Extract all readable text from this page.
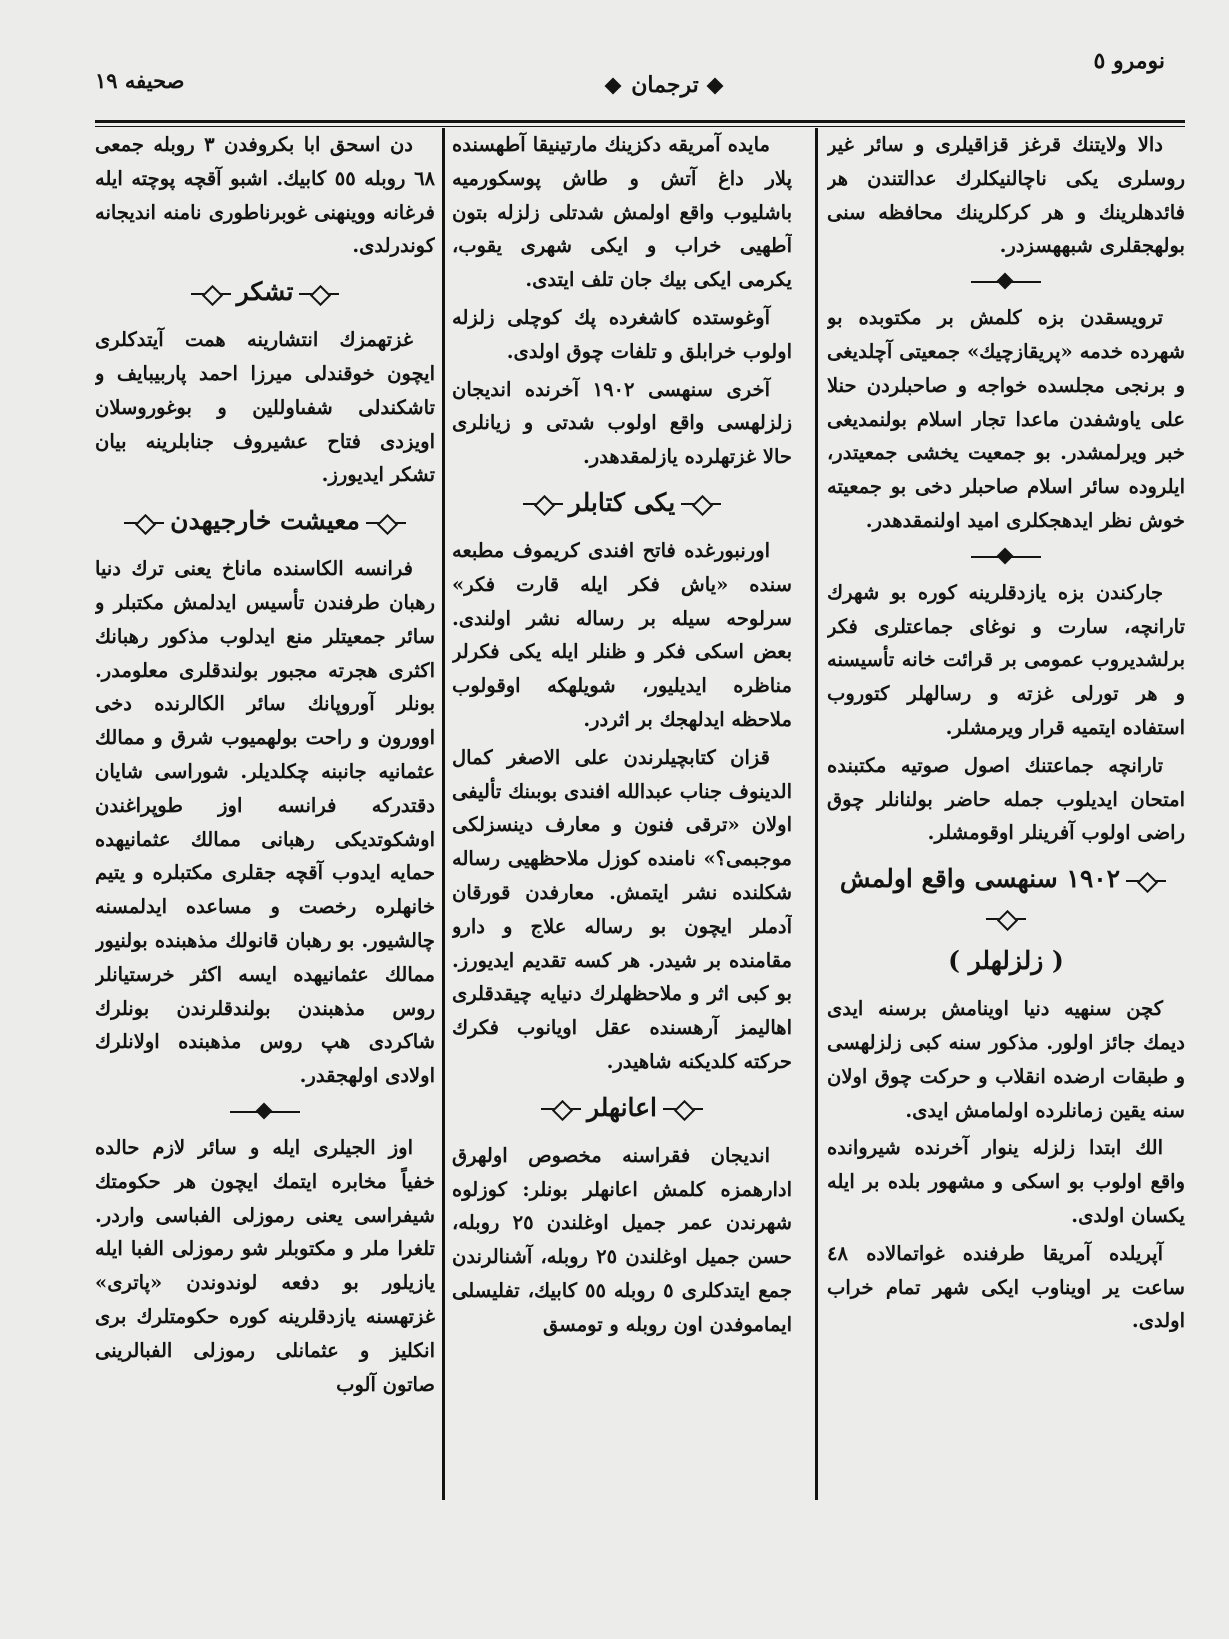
صحيفه ١٩	ترجمان
نومرو ٥

دالا ولايتنك قرغز قزاقيلرى و سائر غير روسلرى يكى ناچالنيكلرك عدالتندن هر فائدهلرينك و هر كركلرينك محافظه سنى بولهجقلرى شبههسزدر.

ترويسقدن بزه كلمش بر مكتوبده بو شهرده خدمه «پريقازچيك» جمعيتى آچلديغى و برنجى مجلسده خواجه و صاحبلردن حنلا على ياوشفدن ماعدا تجار اسلام بولنمديغى خبر ويرلمشدر. بو جمعيت يخشى جمعيتدر، ايلروده سائر اسلام صاحبلر دخى بو جمعيته خوش نظر ايدهجكلرى اميد اولنمقدهدر.

جاركندن بزه يازدقلرينه كوره بو شهرك تارانچه، سارت و نوغاى جماعتلرى فكر برلشديروب عمومى بر قرائت خانه تأسيسنه و هر تورلى غزته و رسالهلر كتوروب استفاده ايتميه قرار ويرمشلر.

تارانچه جماعتنك اصول صوتيه مكتبنده امتحان ايديلوب جمله حاضر بولنانلر چوق راضى اولوب آفرينلر اوقومشلر.

١٩٠٢ سنهسى واقع اولمش
( زلزلهلر )

كچن سنهيه دنيا اوينامش برسنه ايدى ديمك جائز اولور. مذكور سنه كبى زلزلهسى و طبقات ارضده انقلاب و حركت چوق اولان سنه يقين زمانلرده اولمامش ايدى.

الك ابتدا زلزله ينوار آخرنده شيروانده واقع اولوب بو اسكى و مشهور بلده بر ايله يكسان اولدى.

آپريلده آمريقا طرفنده غواتمالاده ٤٨ ساعت ير اويناوب ايكى شهر تمام خراب اولدى.

مايده آمريقه دكزينك مارتينيقا آطهسنده پلار داغ آتش و طاش پوسكورميه باشليوب واقع اولمش شدتلى زلزله بتون آطهيى خراب و ايكى شهرى يقوب، يكرمى ايكى بيك جان تلف ايتدى.

آوغوستده كاشغرده پك كوچلى زلزله اولوب خرابلق و تلفات چوق اولدى.

آخرى سنهسى ١٩٠٢ آخرنده انديجان زلزلهسى واقع اولوب شدتى و زيانلرى حالا غزتهلرده يازلمقدهدر.

يكى كتابلر

اورنبورغده فاتح افندى كريموف مطبعه سنده «ياش فكر ايله قارت فكر» سرلوحه سيله بر رساله نشر اولندى. بعض اسكى فكر و ظنلر ايله يكى فكرلر مناظره ايديليور، شويلهكه اوقولوب ملاحظه ايدلهجك بر اثردر.

قزان كتابچيلرندن على الاصغر كمال الدينوف جناب عبدالله افندى بوبىنك تأليفى اولان «ترقى فنون و معارف دينسزلكى موجبمى؟» نامنده كوزل ملاحظهيى رساله شكلنده نشر ايتمش. معارفدن قورقان آدملر ايچون بو رساله علاج و دارو مقامنده بر شيدر. هر كسه تقديم ايديورز. بو كبى اثر و ملاحظهلرك دنيايه چيقدقلرى اهاليمز آرهسنده عقل اويانوب فكرك حركته كلديكنه شاهيدر.

اعانهلر

انديجان فقراسنه مخصوص اولهرق ادارهمزه كلمش اعانهلر بونلر: كوزلوه شهرندن عمر جميل اوغلندن ٢٥ روبله، حسن جميل اوغلندن ٢٥ روبله، آشنالرندن جمع ايتدكلرى ٥ روبله ٥٥ كابيك، تفليسلى ايماموفدن اون روبله و تومسق

دن اسحق ابا بكروفدن ٣ روبله جمعى ٦٨ روبله ٥٥ كابيك. اشبو آقچه پوچته ايله فرغانه ووينهنى غوبرناطورى نامنه انديجانه كوندرلدى.

تشكر

غزتهمزك انتشارينه همت آيتدكلرى ايچون خوقندلى ميرزا احمد پاربيبايف و تاشكندلى شفىاوللين و بوغوروسلان اويزدى فتاح عشيروف جنابلرينه بيان تشكر ايديورز.

معيشت خارجيهدن

فرانسه الكاسنده ماناخ يعنى ترك دنيا رهبان طرفندن تأسيس ايدلمش مكتبلر و سائر جمعيتلر منع ايدلوب مذكور رهبانك اكثرى هجرته مجبور بولندقلرى معلومدر. بونلر آوروپانك سائر الكالرنده دخى اوورون و راحت بولهميوب شرق و ممالك عثمانيه جانبنه چكلديلر. شوراسى شايان دقتدركه فرانسه اوز طوپراغندن اوشكوتديكى رهبانى ممالك عثمانيهده حمايه ايدوب آقچه جقلرى مكتبلره و يتيم خانهلره رخصت و مساعده ايدلمسنه چالشيور. بو رهبان قانولك مذهبنده بولنيور ممالك عثمانيهده ايسه اكثر خرستيانلر روس مذهبندن بولندقلرندن بونلرك شاكردى هپ روس مذهبنده اولانلرك اولادى اولهجقدر.

اوز الجيلرى ايله و سائر لازم حالده خفياً مخابره ايتمك ايچون هر حكومتك شيفراسى يعنى رموزلى الفباسى واردر. تلغرا ملر و مكتوبلر شو رموزلى الفبا ايله يازيلور بو دفعه لوندوندن «پاترى» غزتهسنه يازدقلرينه كوره حكومتلرك برى انكليز و عثمانلى رموزلى الفبالرينى صاتون آلوب
